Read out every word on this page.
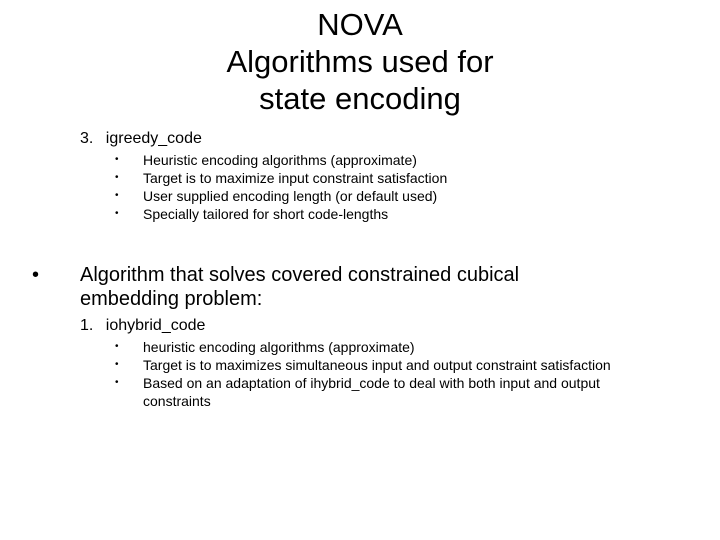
NOVA
Algorithms used for
state encoding
3. igreedy_code
• Heuristic encoding algorithms (approximate)
• Target is to maximize input constraint satisfaction
• User supplied encoding length (or default used)
• Specially tailored for short code-lengths
• Algorithm that solves covered constrained cubical embedding problem:
1. iohybrid_code
• heuristic encoding algorithms (approximate)
• Target is to maximizes simultaneous input and output constraint satisfaction
• Based on an adaptation of ihybrid_code to deal with both input and output constraints
